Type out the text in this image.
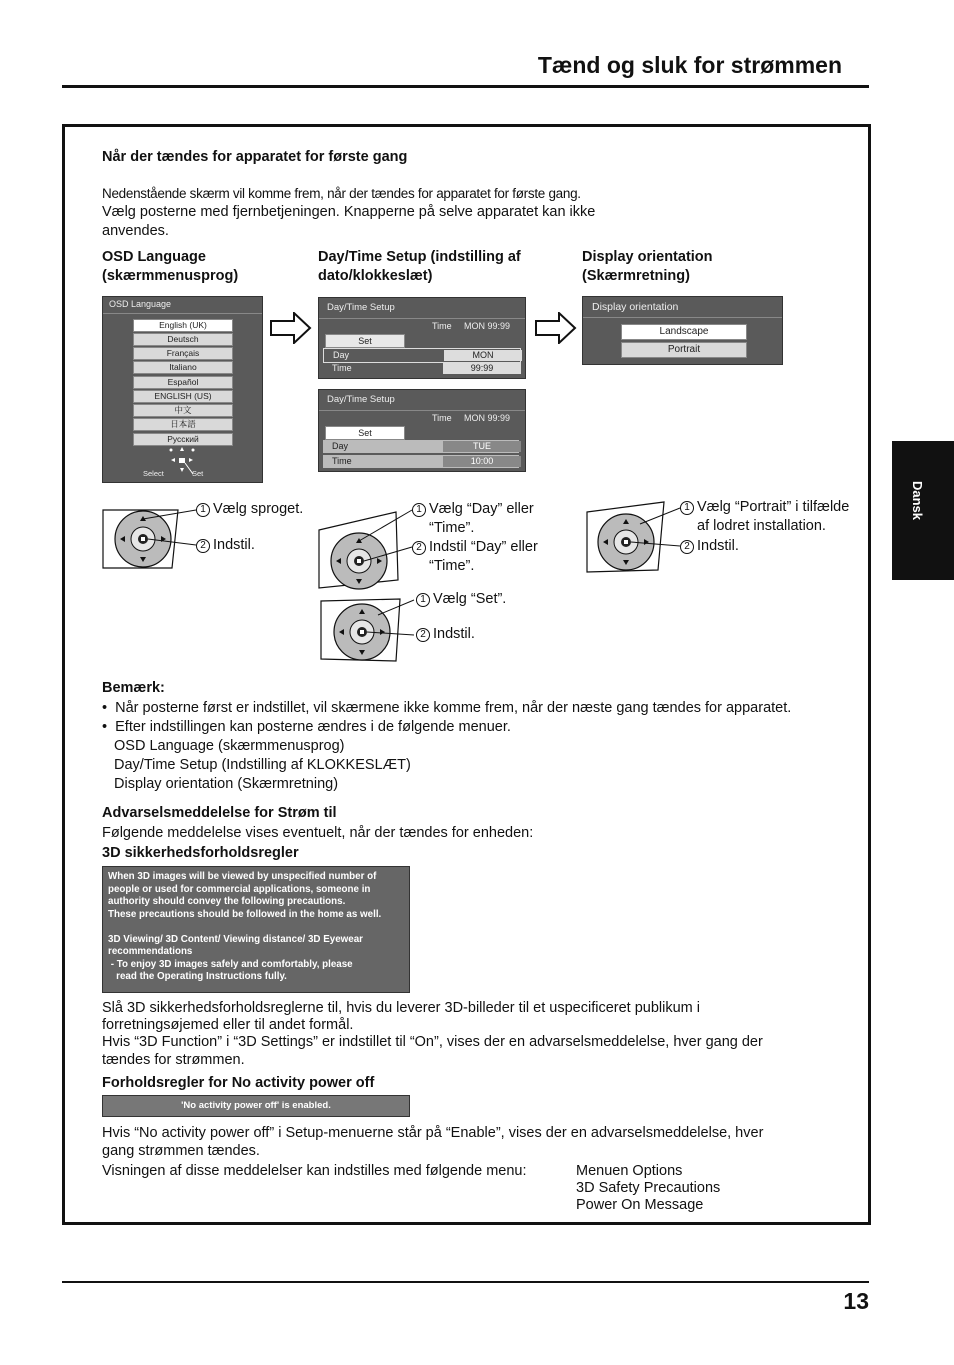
Tænd og sluk for strømmen
Dansk
Når der tændes for apparatet for første gang
Nedenstående skærm vil komme frem, når der tændes for apparatet for første gang.
Vælg posterne med fjernbetjeningen. Knapperne på selve apparatet kan ikke
anvendes.
OSD Language
(skærmmenusprog)
Day/Time Setup (indstilling af
dato/klokkeslæt)
Display orientation
(Skærmretning)
OSD Language
English (UK)
Deutsch
Français
Italiano
Español
ENGLISH (US)
中文
日本語
Русский
Select	Set
Day/Time Setup
Time MON 99:99
Set
Day	MON
Time	99:99
Day/Time Setup
Time MON 99:99
Set
Day	TUE
Time	10:00
Display orientation
Landscape
Portrait
1 Vælg sproget.
2 Indstil.
1 Vælg “Day” eller
“Time”.
2 Indstil “Day” eller
“Time”.
1 Vælg “Set”.
2 Indstil.
1 Vælg “Portrait” i tilfælde
af lodret installation.
2 Indstil.
Bemærk:
•  Når posterne først er indstillet, vil skærmene ikke komme frem, når der næste gang tændes for apparatet.
•  Efter indstillingen kan posterne ændres i de følgende menuer.
OSD Language (skærmmenusprog)
Day/Time Setup (Indstilling af KLOKKESLÆT)
Display orientation (Skærmretning)
Advarselsmeddelelse for Strøm til
Følgende meddelelse vises eventuelt, når der tændes for enheden:
3D sikkerhedsforholdsregler

When 3D images will be viewed by unspecified number of

people or used for commercial applications, someone in

authority should convey the following precautions.

These precautions should be followed in the home as well.

3D Viewing/ 3D Content/ Viewing distance/ 3D Eyewear

recommendations

- To enjoy 3D images safely and comfortably, please

read the Operating Instructions fully.

Slå 3D sikkerhedsforholdsreglerne til, hvis du leverer 3D-billeder til et uspecificeret publikum i
forretningsøjemed eller til andet formål.
Hvis “3D Function” i “3D Settings” er indstillet til “On”, vises der en advarselsmeddelelse, hver gang der
tændes for strømmen.
Forholdsregler for No activity power off
'No activity power off' is enabled.
Hvis “No activity power off” i Setup-menuerne står på “Enable”, vises der en advarselsmeddelelse, hver
gang strømmen tændes.
Visningen af disse meddelelser kan indstilles med følgende menu:	Menuen Options
3D Safety Precautions
Power On Message
13
